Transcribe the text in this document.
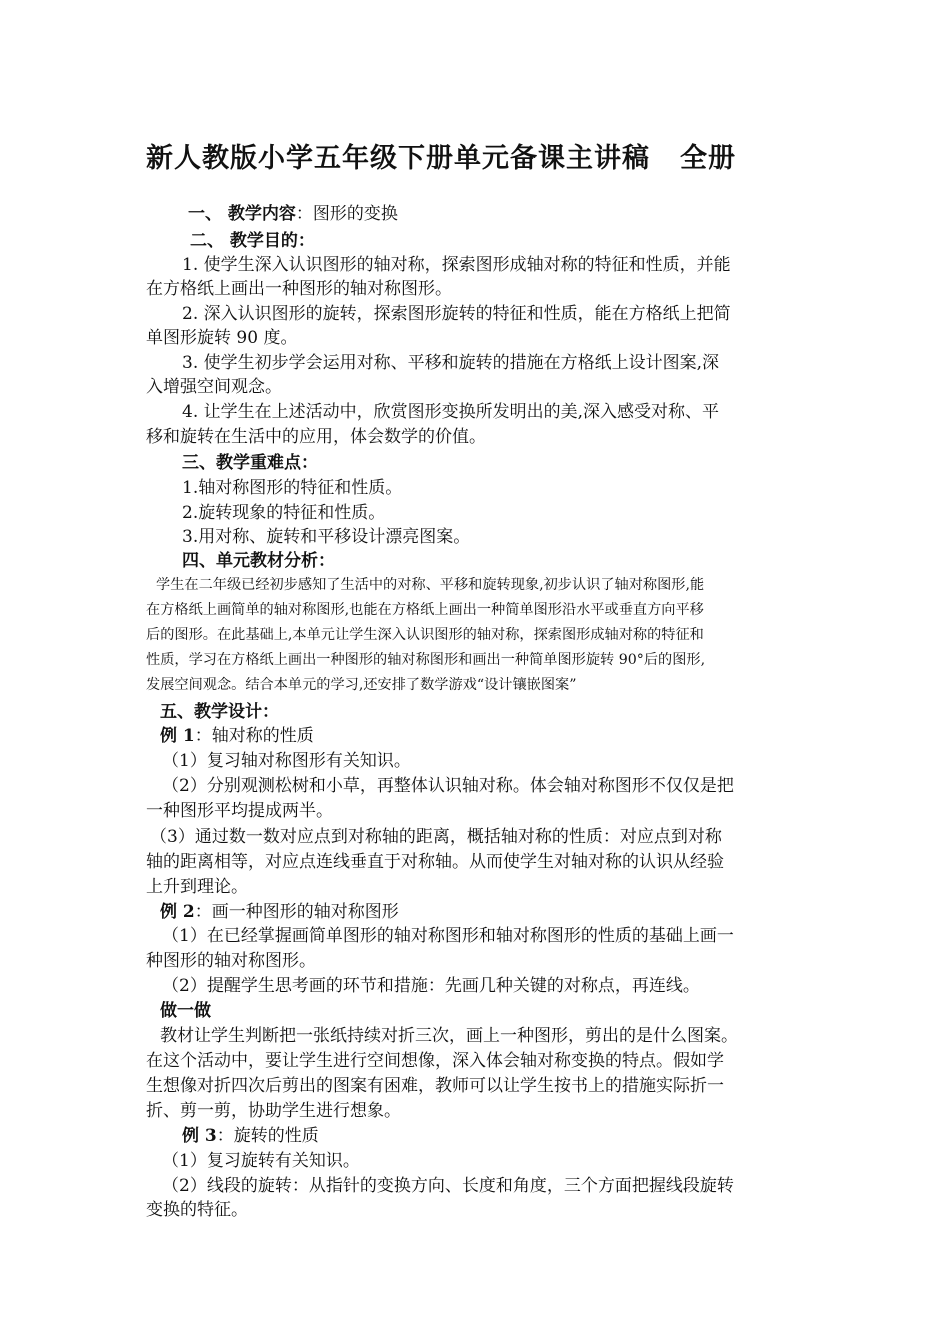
新人教版小学五年级下册单元备课主讲稿 全册
一、 教学内容：图形的变换
二、 教学目的：
1. 使学生深入认识图形的轴对称，探索图形成轴对称的特征和性质，并能
在方格纸上画出一种图形的轴对称图形。
2. 深入认识图形的旋转，探索图形旋转的特征和性质，能在方格纸上把简
单图形旋转 90 度。
3. 使学生初步学会运用对称、平移和旋转的措施在方格纸上设计图案,深
入增强空间观念。
4. 让学生在上述活动中，欣赏图形变换所发明出的美,深入感受对称、平
移和旋转在生活中的应用，体会数学的价值。
三、教学重难点：
1.轴对称图形的特征和性质。
2.旋转现象的特征和性质。
3.用对称、旋转和平移设计漂亮图案。
四、单元教材分析：
学生在二年级已经初步感知了生活中的对称、平移和旋转现象,初步认识了轴对称图形,能
在方格纸上画简单的轴对称图形,也能在方格纸上画出一种简单图形沿水平或垂直方向平移
后的图形。在此基础上,本单元让学生深入认识图形的轴对称，探索图形成轴对称的特征和
性质，学习在方格纸上画出一种图形的轴对称图形和画出一种简单图形旋转 90°后的图形,
发展空间观念。结合本单元的学习,还安排了数学游戏“设计镶嵌图案”
五、教学设计：
例 1：轴对称的性质
（1）复习轴对称图形有关知识。
（2）分别观测松树和小草，再整体认识轴对称。体会轴对称图形不仅仅是把
一种图形平均提成两半。
（3）通过数一数对应点到对称轴的距离，概括轴对称的性质：对应点到对称
轴的距离相等，对应点连线垂直于对称轴。从而使学生对轴对称的认识从经验
上升到理论。
例 2：画一种图形的轴对称图形
（1）在已经掌握画简单图形的轴对称图形和轴对称图形的性质的基础上画一
种图形的轴对称图形。
（2）提醒学生思考画的环节和措施：先画几种关键的对称点，再连线。
做一做
教材让学生判断把一张纸持续对折三次，画上一种图形，剪出的是什么图案。
在这个活动中，要让学生进行空间想像，深入体会轴对称变换的特点。假如学
生想像对折四次后剪出的图案有困难，教师可以让学生按书上的措施实际折一
折、剪一剪，协助学生进行想象。
例 3：旋转的性质
（1）复习旋转有关知识。
（2）线段的旋转：从指针的变换方向、长度和角度，三个方面把握线段旋转
变换的特征。
